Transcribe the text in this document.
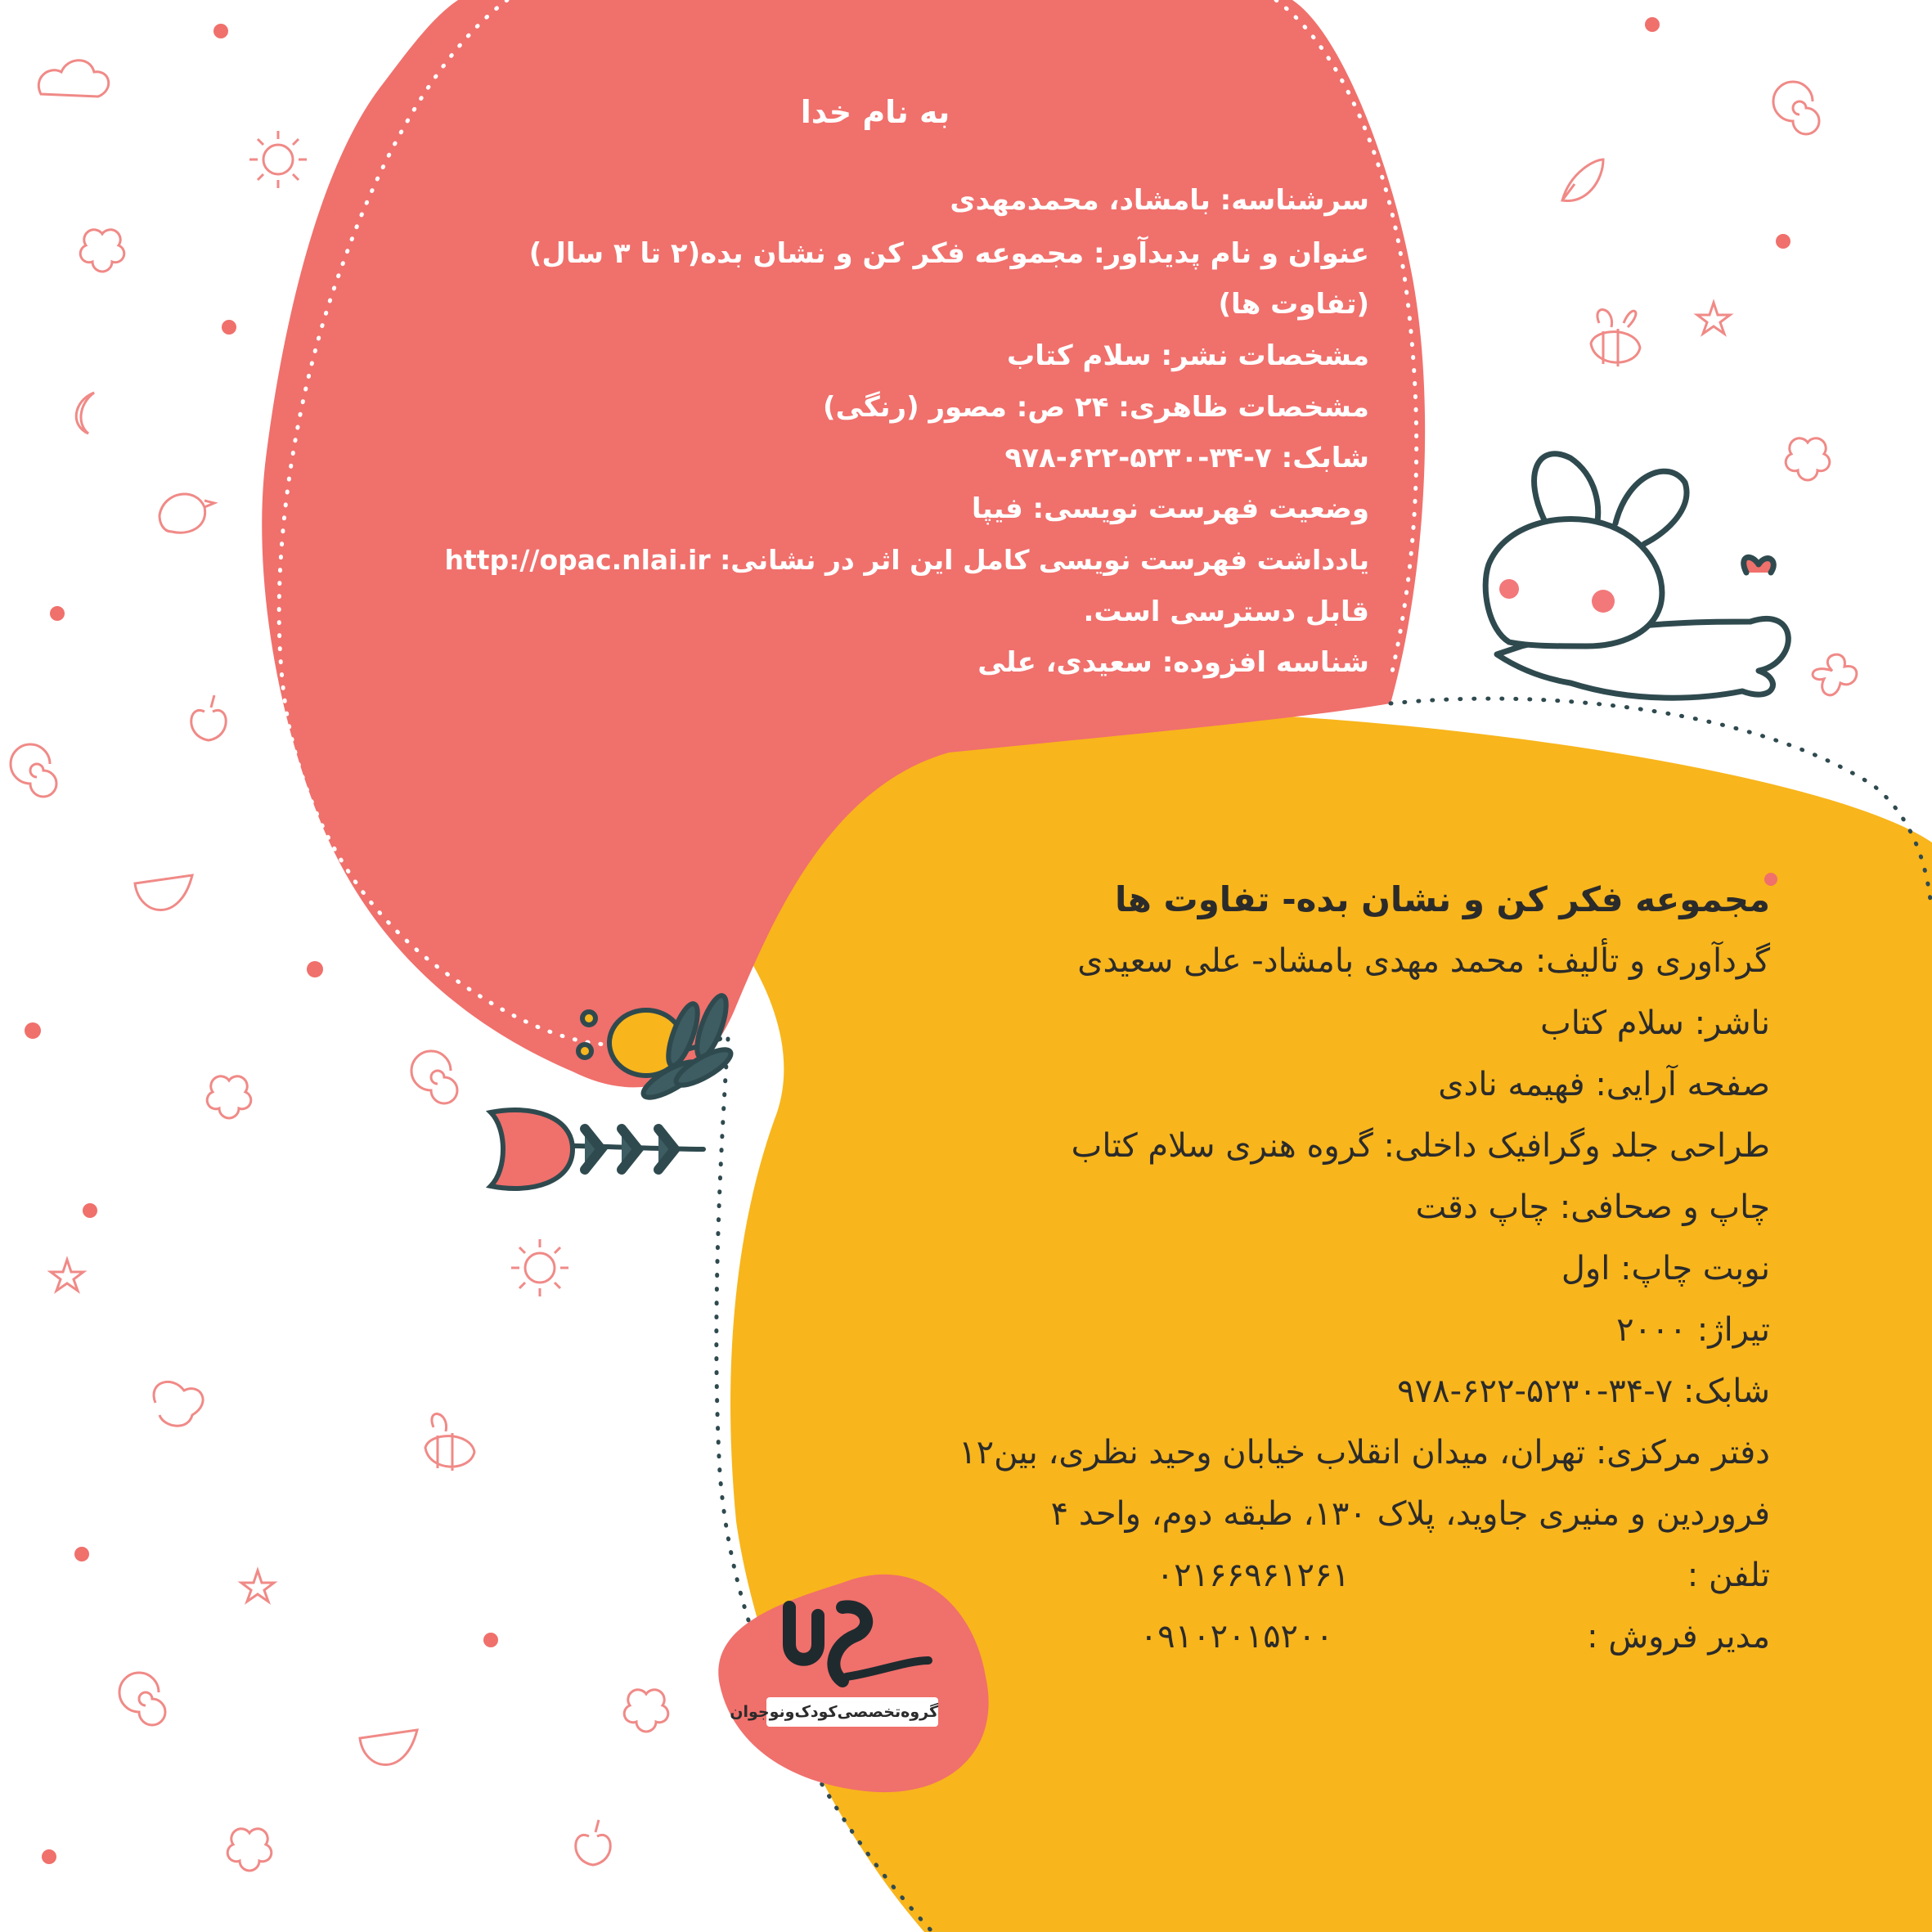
به نام خدا
سرشناسه: بامشاد، محمدمهدی
عنوان و نام پدیدآور: مجموعه فکر کن و نشان بده(۲ تا ۳ سال)
(تفاوت ها)
مشخصات نشر: سلام کتاب
مشخصات ظاهری: ۲۴ ص: مصور (رنگی)
شابک: ۷-۳۴-۵۲۳۰-۶۲۲-۹۷۸
وضعیت فهرست نویسی: فیپا
یادداشت فهرست نویسی کامل این اثر در نشانی: http://opac.nlai.ir
قابل دسترسی است.
شناسه افزوده: سعیدی، علی
مجموعه فکر کن و نشان بده- تفاوت ها
گردآوری و تألیف: محمد مهدی بامشاد- علی سعیدی
ناشر: سلام کتاب
صفحه آرایی: فهیمه نادی
طراحی جلد وگرافیک داخلی: گروه هنری سلام کتاب
چاپ و صحافی: چاپ دقت
نوبت چاپ: اول
تیراژ: ۲۰۰۰
شابک: ۷-۳۴-۵۲۳۰-۶۲۲-۹۷۸
دفتر مرکزی: تهران، میدان انقلاب خیابان وحید نظری، بین۱۲
فروردین و منیری جاوید، پلاک ۱۳۰، طبقه دوم، واحد ۴
تلفن :
۰۲۱۶۶۹۶۱۲۶۱
مدیر فروش :
۰۹۱۰۲۰۱۵۲۰۰
گروه‌تخصصی‌کودک‌ونوجوان
